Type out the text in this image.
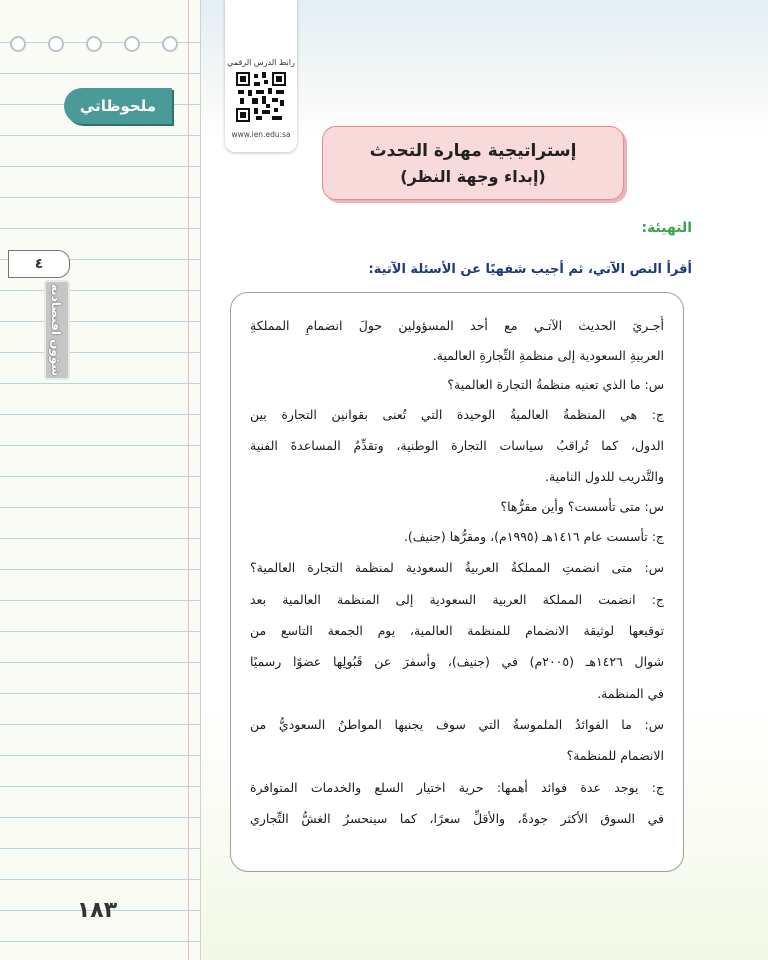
ملحوظاتي
٤
شؤون اقتصادية
١٨٣
رابط الدرس الرقمي
www.ien.edu.sa
إستراتيجية مهارة التحدث
(إبداء وجهة النظر)
التهيئة:
أقرأ النص الآتي، ثم أجيب شفهيًا عن الأسئلة الآتية:
أُجـريَ الحديث الآتـي مع أحد المسؤولين حولَ انضمامِ المملكةِ
العربيةِ السعودية إلى منظمةِ التِّجارةِ العالمية.
س: ما الذي تعنيه منظمةُ التجارة العالمية؟
ج: هي المنظمةُ العالميةُ الوحيدة التي تُعنى بقوانين التجارة بين
الدول، كما تُراقبُ سياسات التجارة الوطنية، وتقدِّمُ المساعدةَ الفنية
والتَّدريب للدول النامية.
س: متى تأسست؟ وأين مقرُّها؟
ج: تأسست عام ١٤١٦هـ (١٩٩٥م)، ومقرُّها (جنيف).
س: متى انضمتِ المملكةُ العربيةُ السعودية لمنظمة التجارة العالمية؟
ج: انضمت المملكة العربية السعودية إلى المنظمة العالمية بعد
توقيعها لوثيقة الانضمام للمنظمة العالمية، يوم الجمعة التاسع من
شوال ١٤٢٦هـ (٢٠٠٥م) في (جنيف)، وأسفرَ عن قَبُولِها عضوًا رسميًا
في المنظمة.
س: ما الفوائدُ الملموسةُ التي سوف يجنيها المواطنُ السعوديُّ من
الانضمام للمنظمة؟
ج: يوجد عدة فوائد أهمها: حرية اختيار السلع والخدمات المتوافرة
في السوق الأكثر جودةً، والأقلِّ سعرًا، كما سينحسرُ الغشُّ التِّجاري
